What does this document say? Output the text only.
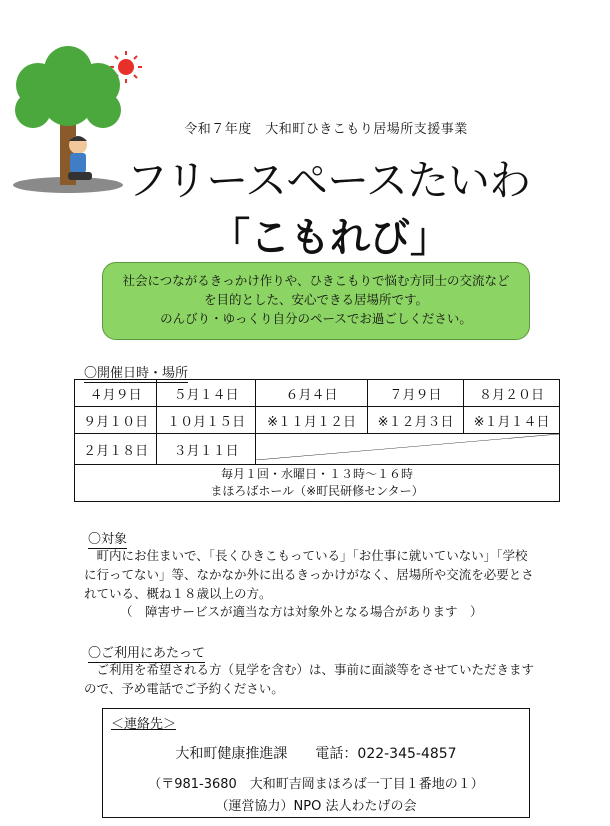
令和７年度　大和町ひきこもり居場所支援事業
フリースペースたいわ
「こもれび」
社会につながるきっかけ作りや、ひきこもりで悩む方同士の交流など
を目的とした、安心できる居場所です。
のんびり・ゆっくり自分のペースでお過ごしください。
〇開催日時・場所
４月９日	５月１４日	６月４日	７月９日	８月２０日
９月１０日	１０月１５日	※１１月１２日	※１２月３日	※１月１４日
２月１８日	３月１１日	

毎月１回・水曜日・１３時～１６時
まほろばホール（※町民研修センター）				
〇対象
　町内にお住まいで、「長くひきこもっている」「お仕事に就いていない」「学校
に行ってない」等、なかなか外に出るきっかけがなく、居場所や交流を必要とさ
れている、概ね１８歳以上の方。
（　障害サービスが適当な方は対象外となる場合があります　）
〇ご利用にあたって
　ご利用を希望される方（見学を含む）は、事前に面談等をさせていただきます
ので、予め電話でご予約ください。
＜連絡先＞
大和町健康推進課　　電話：022-345-4857
（〒981-3680　大和町吉岡まほろば一丁目１番地の１）
（運営協力）NPO 法人わたげの会
